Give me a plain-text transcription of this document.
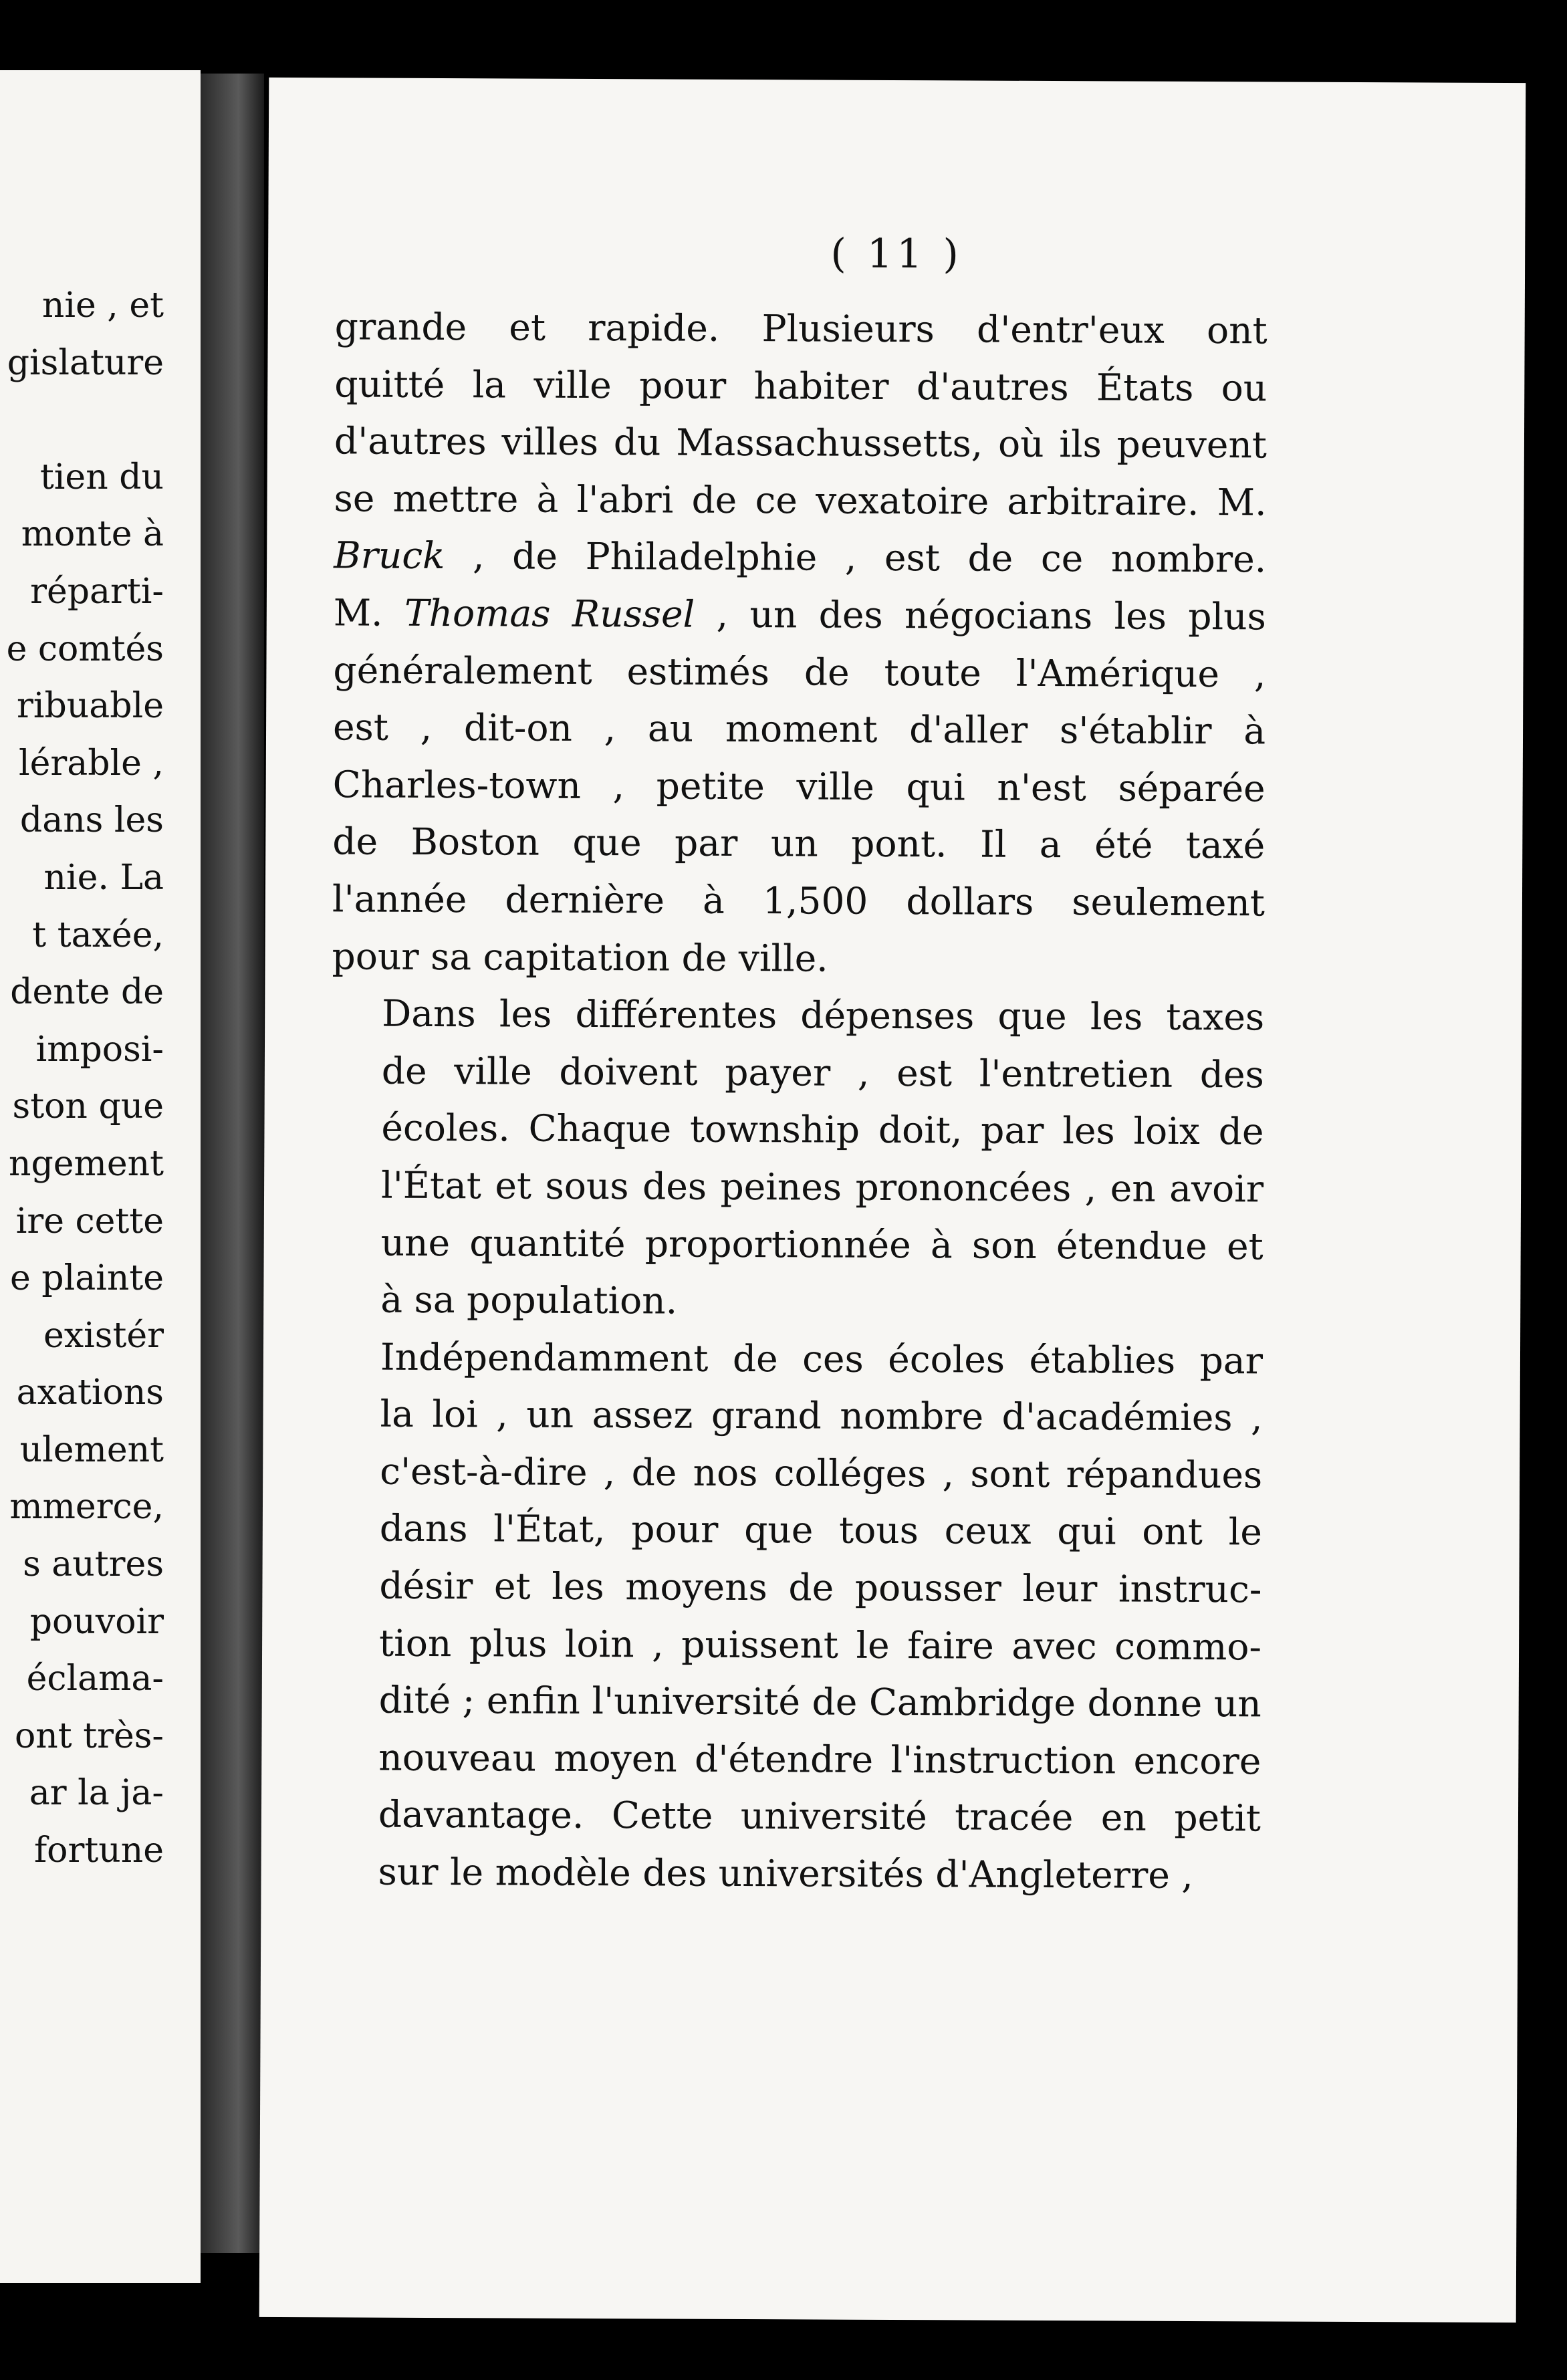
nie , et
gislature

tien du
monte à
réparti-
e comtés
ribuable
lérable ,
dans les
nie. La
t taxée,
dente de
imposi-
ston que
ngement
ire cette
e plainte
existér
axations
ulement
mmerce,
s autres
pouvoir
éclama-
ont très-
ar la ja-
fortune
( 11 )
grande et rapide. Plusieurs d'entr'eux ont
quitté la ville pour habiter d'autres États ou
d'autres villes du Massachussetts, où ils peuvent
se mettre à l'abri de ce vexatoire arbitraire. M.
Bruck , de Philadelphie , est de ce nombre.
M. Thomas Russel , un des négocians les plus
généralement estimés de toute l'Amérique ,
est , dit-on , au moment d'aller s'établir à
Charles-town , petite ville qui n'est séparée
de Boston que par un pont. Il a été taxé
l'année dernière à 1,500 dollars seulement
pour sa capitation de ville.
Dans les différentes dépenses que les taxes
de ville doivent payer , est l'entretien des
écoles. Chaque township doit, par les loix de
l'État et sous des peines prononcées , en avoir
une quantité proportionnée à son étendue et
à sa population.
Indépendamment de ces écoles établies par
la loi , un assez grand nombre d'académies ,
c'est-à-dire , de nos colléges , sont répandues
dans l'État, pour que tous ceux qui ont le
désir et les moyens de pousser leur instruc-
tion plus loin , puissent le faire avec commo-
dité ; enfin l'université de Cambridge donne un
nouveau moyen d'étendre l'instruction encore
davantage. Cette université tracée en petit
sur le modèle des universités d'Angleterre ,
